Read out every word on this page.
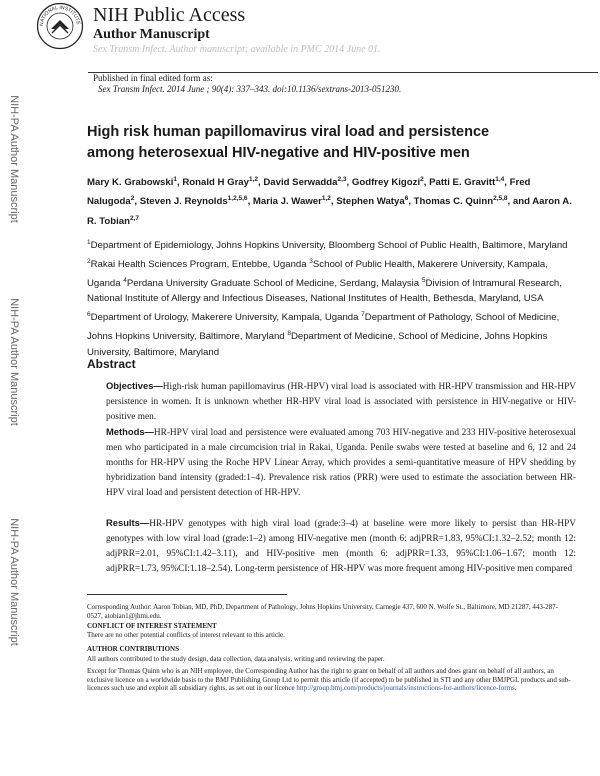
NATIONAL INSTITUTE NIH Public Access
Author Manuscript
Sex Transm Infect. Author manuscript; available in PMC 2014 June 01.
Published in final edited form as:
Sex Transm Infect. 2014 June ; 90(4): 337–343. doi:10.1136/sextrans-2013-051230.
NIH-PA Author Manuscript
NIH-PA Author Manuscript
NIH-PA Author Manuscript
High risk human papillomavirus viral load and persistence
among heterosexual HIV-negative and HIV-positive men
Mary K. Grabowski$^1$, Ronald H Gray$^{1,2}$, David Serwadda$^{2,3}$, Godfrey Kigozi$^2$, Patti E. Gravitt$^{1,4}$, Fred Nalugoda$^2$, Steven J. Reynolds$^{1,2,5,6}$, Maria J. Wawer$^{1,2}$, Stephen Watya$^6$, Thomas C. Quinn$^{2,5,8}$, and Aaron A. R. Tobian$^{2,7}$
$^1$Department of Epidemiology, Johns Hopkins University, Bloomberg School of Public Health, Baltimore, Maryland $^2$Rakai Health Sciences Program, Entebbe, Uganda $^3$School of Public Health, Makerere University, Kampala, Uganda $^4$Perdana University Graduate School of Medicine, Serdang, Malaysia $^5$Division of Intramural Research, National Institute of Allergy and Infectious Diseases, National Institutes of Health, Bethesda, Maryland, USA $^6$Department of Urology, Makerere University, Kampala, Uganda $^7$Department of Pathology, School of Medicine, Johns Hopkins University, Baltimore, Maryland $^8$Department of Medicine, School of Medicine, Johns Hopkins University, Baltimore, Maryland
Abstract
Objectives—High-risk human papillomavirus (HR-HPV) viral load is associated with HR-HPV transmission and HR-HPV persistence in women. It is unknown whether HR-HPV viral load is associated with persistence in HIV-negative or HIV-positive men.
Methods—HR-HPV viral load and persistence were evaluated among 703 HIV-negative and 233 HIV-positive heterosexual men who participated in a male circumcision trial in Rakai, Uganda. Penile swabs were tested at baseline and 6, 12 and 24 months for HR-HPV using the Roche HPV Linear Array, which provides a semi-quantitative measure of HPV shedding by hybridization band intensity (graded:1–4). Prevalence risk ratios (PRR) were used to estimate the association between HR-HPV viral load and persistent detection of HR-HPV.
Results—HR-HPV genotypes with high viral load (grade:3–4) at baseline were more likely to persist than HR-HPV genotypes with low viral load (grade:1–2) among HIV-negative men (month 6: adjPRR=1.83, 95%CI:1.32–2.52; month 12: adjPRR=2.01, 95%CI:1.42–3.11), and HIV-positive men (month 6: adjPRR=1.33, 95%CI:1.06–1.67; month 12: adjPRR=1.73, 95%CI:1.18–2.54). Long-term persistence of HR-HPV was more frequent among HIV-positive men compared
Corresponding Author: Aaron Tobian, MD, PhD, Department of Pathology, Johns Hopkins University, Carnegie 437, 600 N. Wolfe St., Baltimore, MD 21287, 443-287-0527, atobian1@jhmi.edu.
CONFLICT OF INTEREST STATEMENT
There are no other potential conflicts of interest relevant to this article.
AUTHOR CONTRIBUTIONS
All authors contributed to the study design, data collection, data analysis, writing and reviewing the paper.
Except for Thomas Quinn who is an NIH employee, the Corresponding Author has the right to grant on behalf of all authors and does grant on behalf of all authors, an exclusive licence on a worldwide basis to the BMJ Publishing Group Ltd to permit this article (if accepted) to be published in STI and any other BMJPGL products and sub-licences such use and exploit all subsidiary rights, as set out in our licence http://group.bmj.com/products/journals/instructions-for-authors/licence-forms.
